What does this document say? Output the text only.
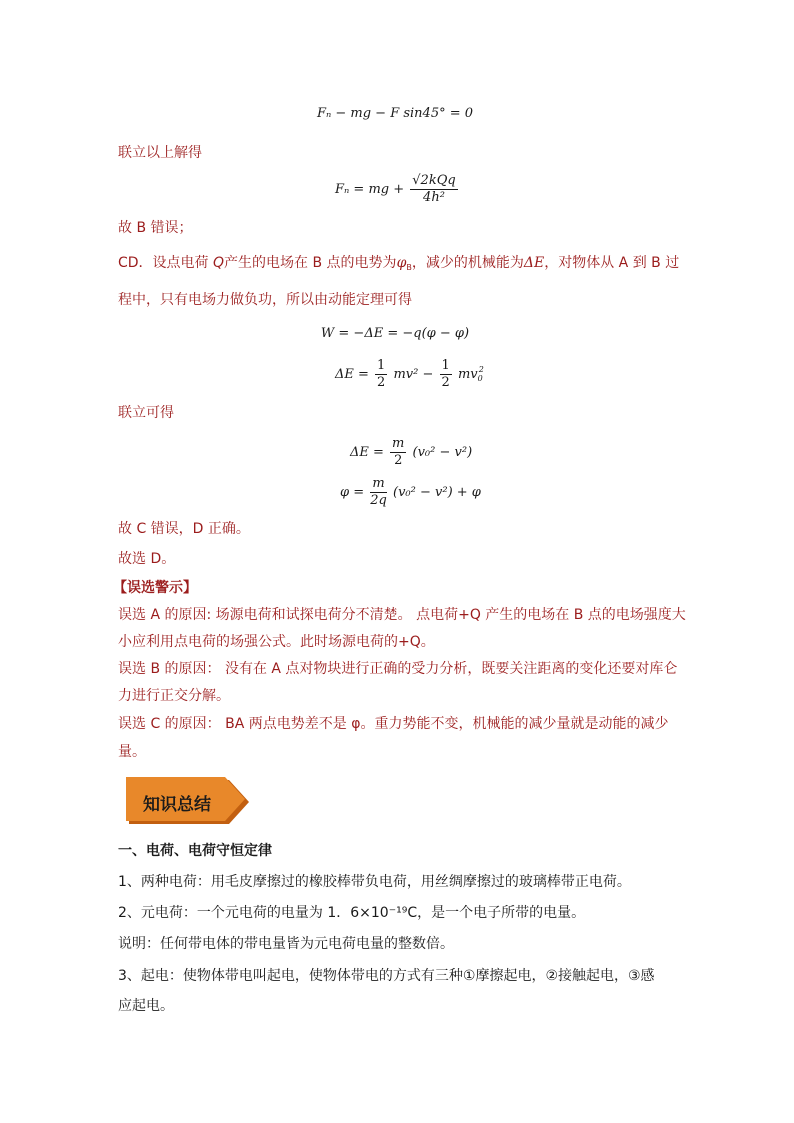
Fₙ − mg − F sin45° = 0
联立以上解得
Fₙ = mg + $\frac{\text{√2kQq}}{\text{4h²}}$
故 B 错误；
CD．设点电荷 Q产生的电场在 B 点的电势为$\varphi_B$，减少的机械能为ΔE，对物体从 A 到 B 过
程中，只有电场力做负功，所以由动能定理可得
W = −ΔE = −q(φ − φ)
$\Delta E = \frac{1}{2} mv^2 - \frac{1}{2} mv_0^2$
联立可得
$\Delta E = \frac{m}{2} (v_0^2 - v^2)$
$\varphi = \frac{m}{2q} (v_0^2 - v^2) + \varphi$
故 C 错误，D 正确。
故选 D。
【误选警示】
误选 A 的原因: 场源电荷和试探电荷分不清楚。 点电荷+Q 产生的电场在 B 点的电场强度大
小应利用点电荷的场强公式。此时场源电荷的+Q。
误选 B 的原因： 没有在 A 点对物块进行正确的受力分析，既要关注距离的变化还要对库仑
力进行正交分解。
误选 C 的原因： BA 两点电势差不是 φ。重力势能不变，机械能的减少量就是动能的减少
量。
知识总结
一、电荷、电荷守恒定律
1、两种电荷：用毛皮摩擦过的橡胶棒带负电荷，用丝绸摩擦过的玻璃棒带正电荷。
2、元电荷：一个元电荷的电量为 1．6×10⁻¹⁹C，是一个电子所带的电量。
说明：任何带电体的带电量皆为元电荷电量的整数倍。
3、起电：使物体带电叫起电，使物体带电的方式有三种①摩擦起电，②接触起电，③感
应起电。
